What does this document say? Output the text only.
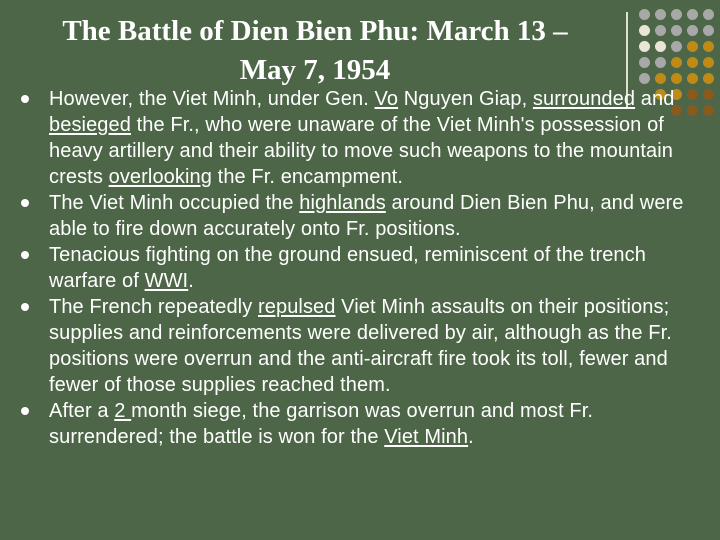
The Battle of Dien Bien Phu: March 13 –
May 7, 1954
However, the Viet Minh, under Gen. Vo Nguyen Giap, surrounded and besieged the Fr., who were unaware of the Viet Minh's possession of heavy artillery and their ability to move such weapons to the mountain crests overlooking the Fr. encampment.
The Viet Minh occupied the highlands around Dien Bien Phu, and were able to fire down accurately onto Fr. positions.
Tenacious fighting on the ground ensued, reminiscent of the trench warfare of WWI.
The French repeatedly repulsed Viet Minh assaults on their positions; supplies and reinforcements were delivered by air, although as the Fr. positions were overrun and the anti-aircraft fire took its toll, fewer and fewer of those supplies reached them.
After a 2 month siege, the garrison was overrun and most Fr. surrendered; the battle is won for the Viet Minh.
